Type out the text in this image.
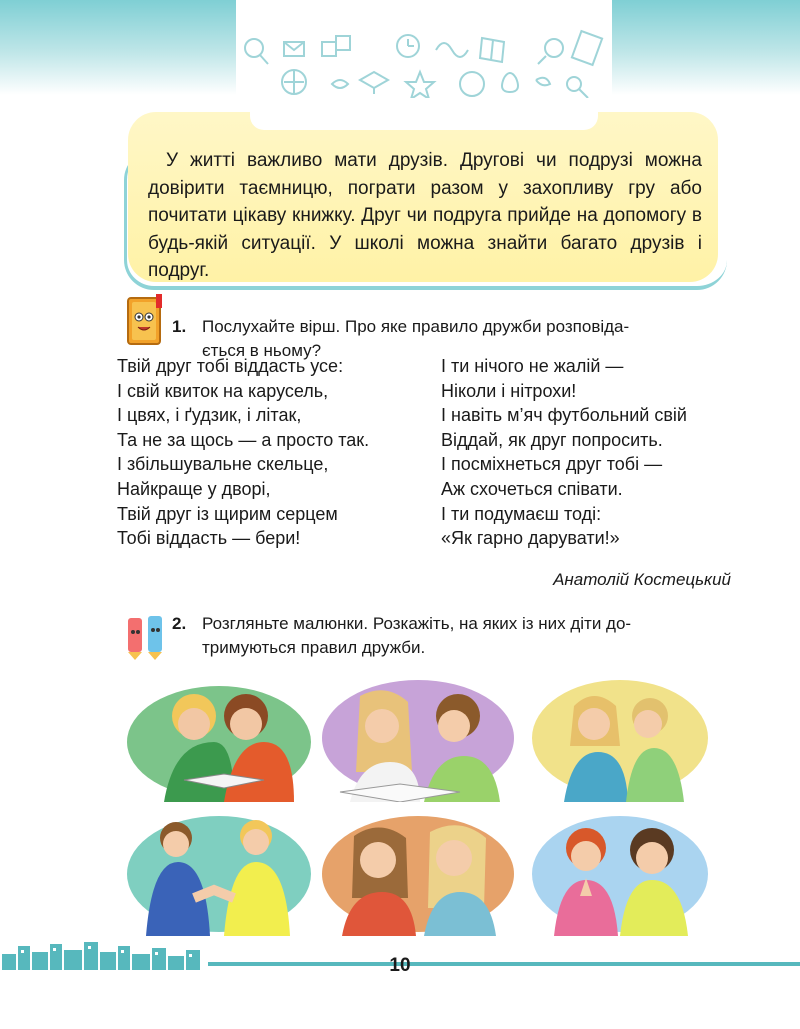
У житті важливо мати друзів. Другові чи подрузі можна довірити таємницю, пограти разом у захопливу гру або почитати цікаву книжку. Друг чи подруга прийде на допомогу в будь-якій ситуації. У школі можна знайти багато друзів і подруг.
1. Послухайте вірш. Про яке правило дружби розповіда-
ється в ньому?
Твій друг тобі віддасть усе:
І свій квиток на карусель,
І цвях, і ґудзик, і літак,
Та не за щось — а просто так.
І збільшувальне скельце,
Найкраще у дворі,
Твій друг із щирим серцем
Тобі віддасть — бери!
І ти нічого не жалій —
Ніколи і нітрохи!
І навіть м’яч футбольний свій
Віддай, як друг попросить.
І посміхнеться друг тобі —
Аж схочеться співати.
І ти подумаєш тоді:
«Як гарно дарувати!»
Анатолій Костецький
2. Розгляньте малюнки. Розкажіть, на яких із них діти до-
тримуються правил дружби.
10
